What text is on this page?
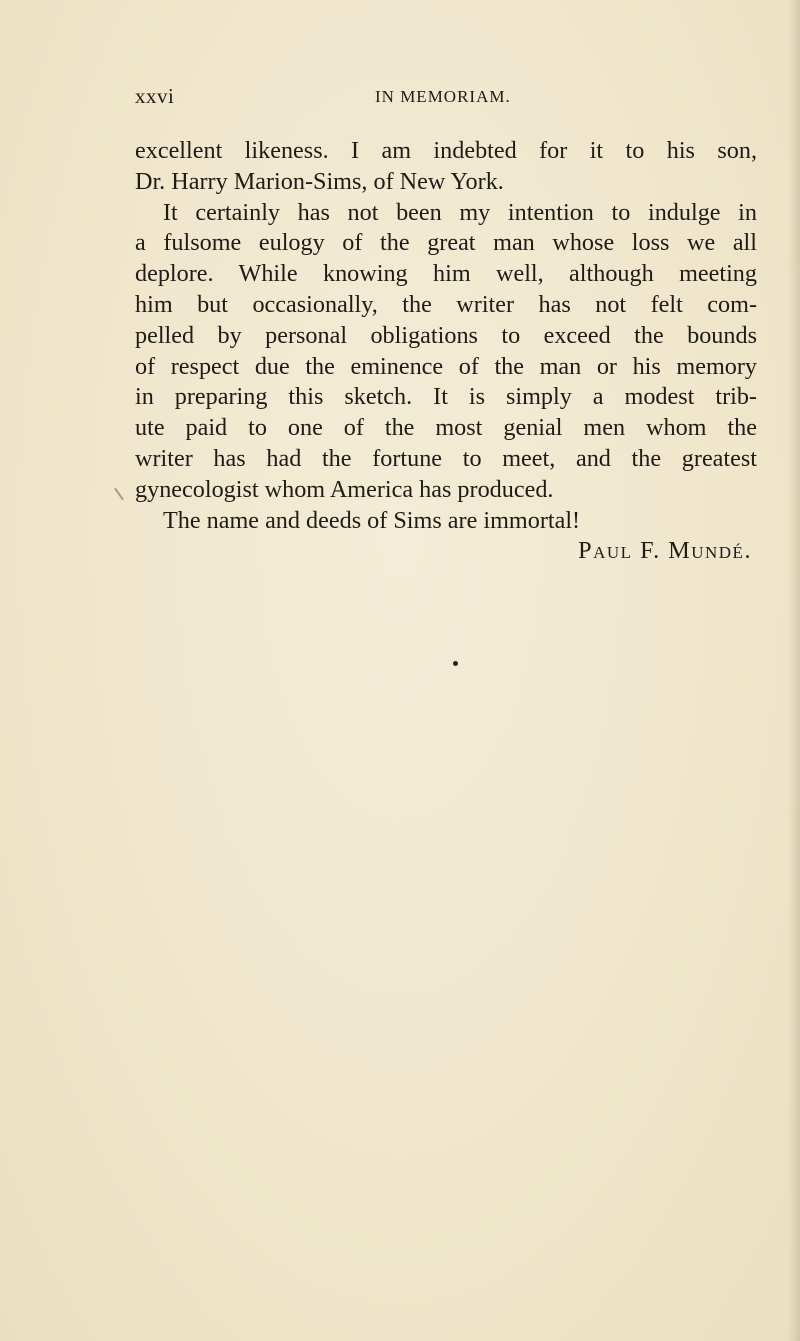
xxvi	IN MEMORIAM.
excellent likeness. I am indebted for it to his son,
Dr. Harry Marion-Sims, of New York.
It certainly has not been my intention to indulge in
a fulsome eulogy of the great man whose loss we all
deplore. While knowing him well, although meeting
him but occasionally, the writer has not felt com-
pelled by personal obligations to exceed the bounds
of respect due the eminence of the man or his memory
in preparing this sketch. It is simply a modest trib-
ute paid to one of the most genial men whom the
writer has had the fortune to meet, and the greatest
gynecologist whom America has produced.
The name and deeds of Sims are immortal!
Paul F. Mundé.
